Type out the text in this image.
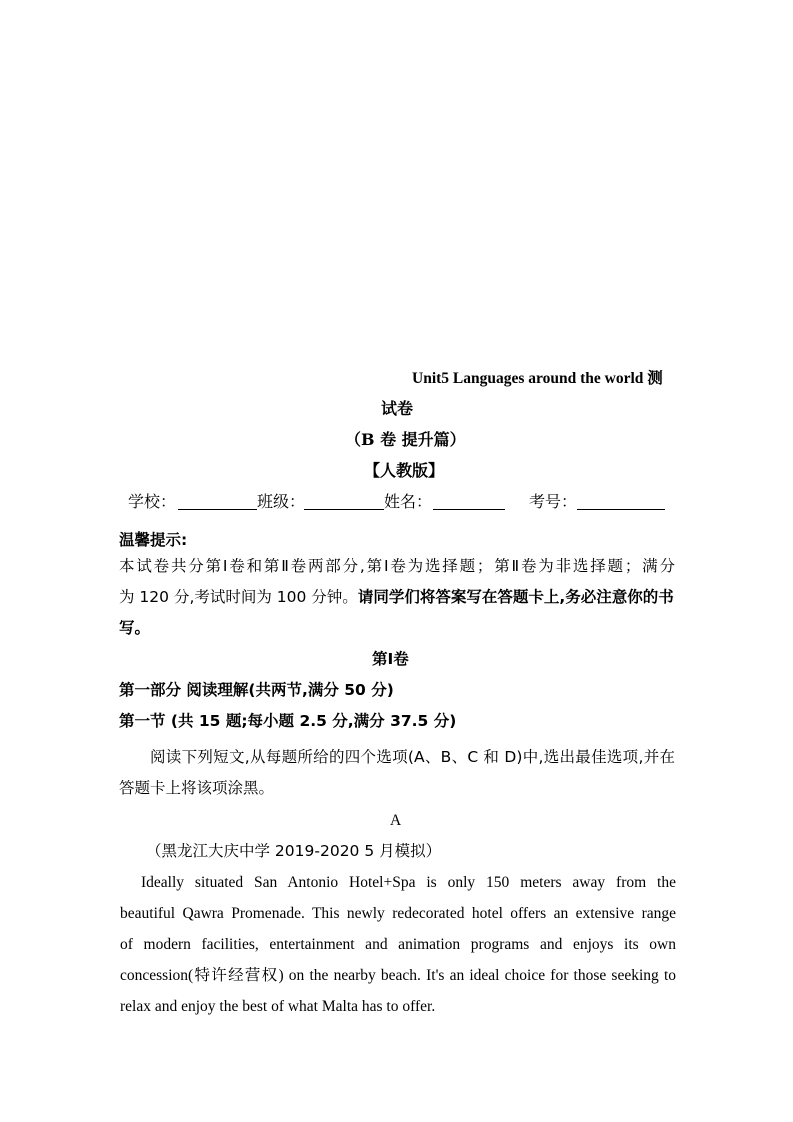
Unit5 Languages around the world 测
试卷
（B 卷 提升篇）
【人教版】
学校：	班级：	姓名：	考号：
温馨提示:
本试卷共分第Ⅰ卷和第Ⅱ卷两部分,第Ⅰ卷为选择题；第Ⅱ卷为非选择题；满分
为 120 分,考试时间为 100 分钟。请同学们将答案写在答题卡上,务必注意你的书
写。
第Ⅰ卷
第一部分 阅读理解(共两节,满分 50 分)
第一节 (共 15 题;每小题 2.5 分,满分 37.5 分)
阅读下列短文,从每题所给的四个选项(A、B、C 和 D)中,选出最佳选项,并在
答题卡上将该项涂黑。
A
（黑龙江大庆中学 2019-2020 5 月模拟）
Ideally situated San Antonio Hotel+Spa is only 150 meters away from the
beautiful Qawra Promenade. This newly redecorated hotel offers an extensive range
of modern facilities, entertainment and animation programs and enjoys its own
concession(特许经营权) on the nearby beach. It's an ideal choice for those seeking to
relax and enjoy the best of what Malta has to offer.
